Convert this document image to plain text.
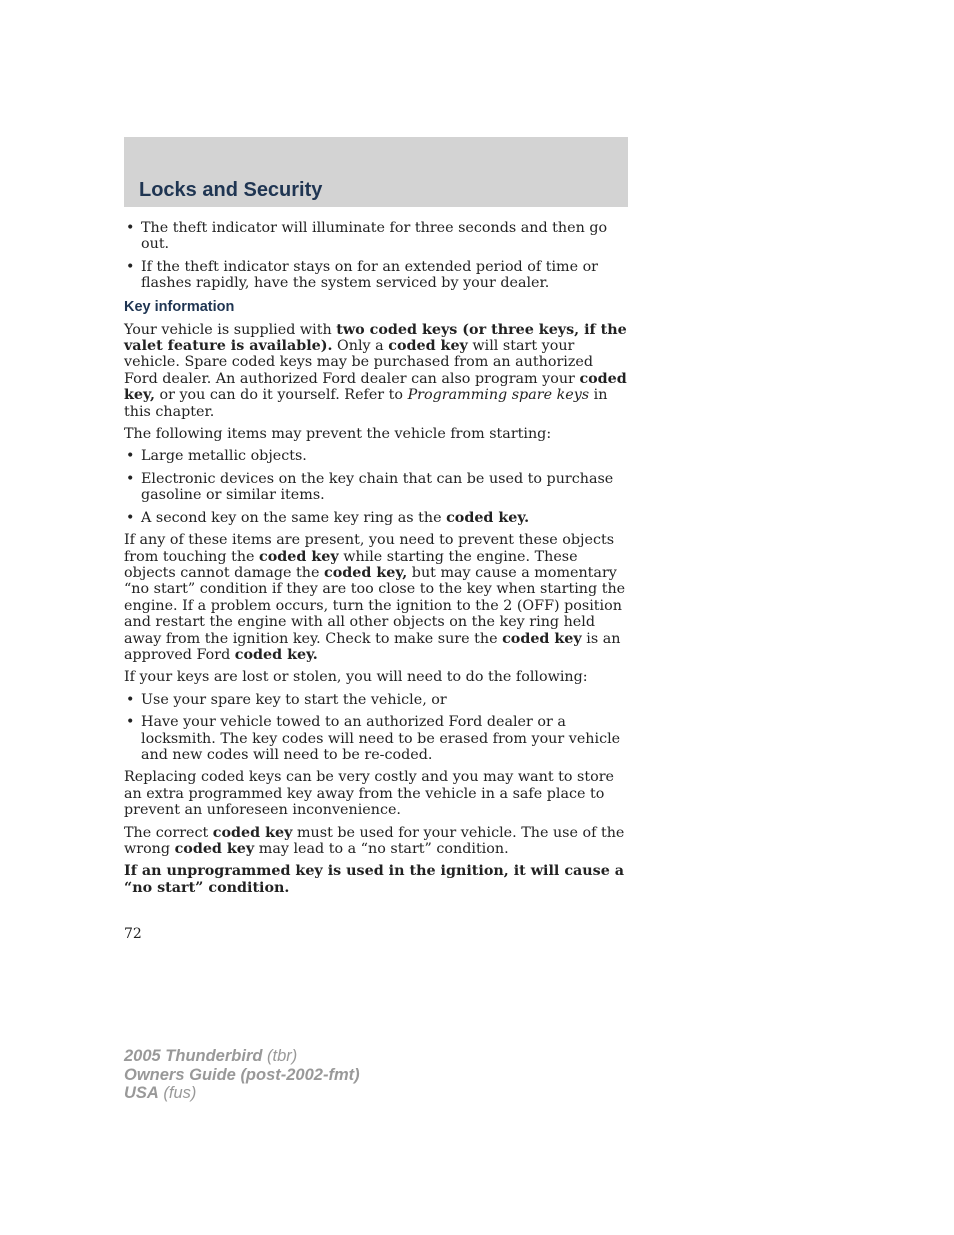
Locks and Security
• The theft indicator will illuminate for three seconds and then go out.
• If the theft indicator stays on for an extended period of time or flashes rapidly, have the system serviced by your dealer.
Key information

Your vehicle is supplied with two coded keys (or three keys, if the valet feature is available). Only a coded key will start your vehicle. Spare coded keys may be purchased from an authorized Ford dealer. An authorized Ford dealer can also program your coded key, or you can do it yourself. Refer to Programming spare keys in this chapter.

The following items may prevent the vehicle from starting:

• Large metallic objects.
• Electronic devices on the key chain that can be used to purchase gasoline or similar items.
• A second key on the same key ring as the coded key.

If any of these items are present, you need to prevent these objects from touching the coded key while starting the engine. These objects cannot damage the coded key, but may cause a momentary “no start” condition if they are too close to the key when starting the engine. If a problem occurs, turn the ignition to the 2 (OFF) position and restart the engine with all other objects on the key ring held away from the ignition key. Check to make sure the coded key is an approved Ford coded key.

If your keys are lost or stolen, you will need to do the following:

• Use your spare key to start the vehicle, or
• Have your vehicle towed to an authorized Ford dealer or a locksmith. The key codes will need to be erased from your vehicle and new codes will need to be re-coded.

Replacing coded keys can be very costly and you may want to store an extra programmed key away from the vehicle in a safe place to prevent an unforeseen inconvenience.

The correct coded key must be used for your vehicle. The use of the wrong coded key may lead to a “no start” condition.

If an unprogrammed key is used in the ignition, it will cause a “no start” condition.

72
2005 Thunderbird (tbr)
Owners Guide (post-2002-fmt)
USA (fus)
